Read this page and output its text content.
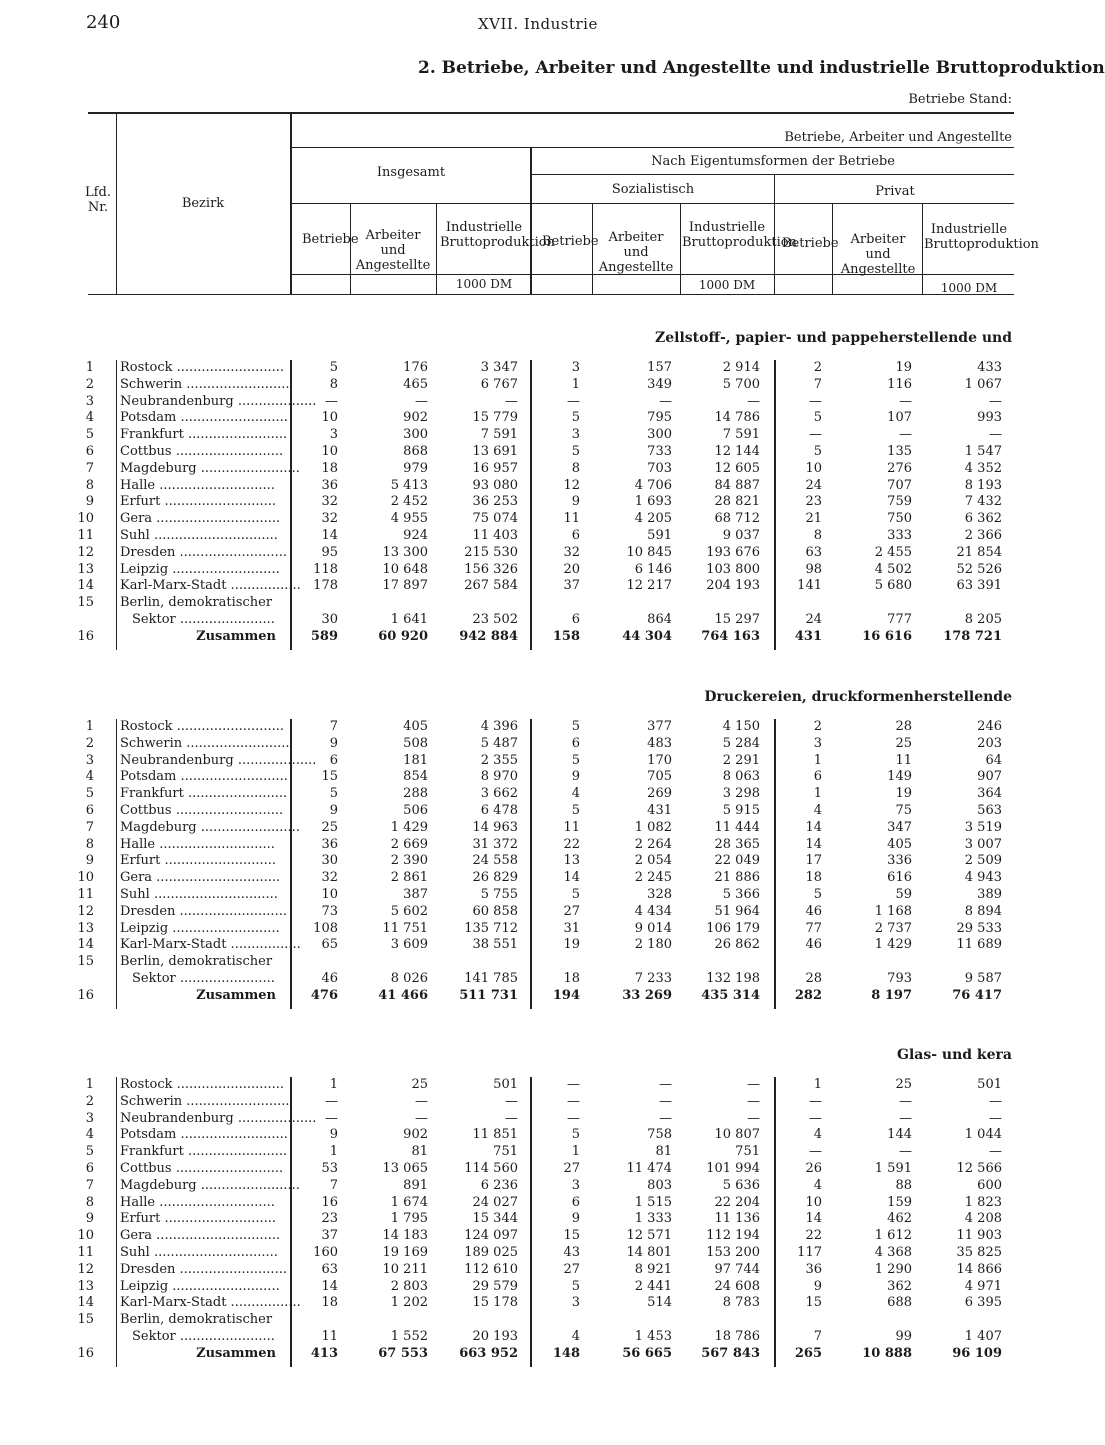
240	XVII. Industrie
2. Betriebe, Arbeiter und Angestellte und industrielle Bruttoproduktion
Betriebe Stand:
Lfd. Nr.	Bezirk
Betriebe, Arbeiter und Angestellte
Insgesamt
Nach Eigentumsformen der Betriebe
Sozialistisch	Privat
Betriebe Arbeiter und Angestellte
Industrielle Bruttoproduktion
1000 DM
Betriebe Arbeiter und Angestellte
Industrielle Bruttoproduktion
1000 DM
Betriebe Arbeiter und Angestellte
Industrielle Bruttoproduktion
1000 DM
Zellstoff-, papier- und pappeherstellende und
1 Rostock ..........................	5	176	3 347	3	157	2 914	2	19	433
2 Schwerin .........................	8	465	6 767	1	349	5 700	7	116	1 067
3 Neubrandenburg ................... —	—	—	—	—	—	—	—	—
4 Potsdam ..........................	10	902	15 779	5	795	14 786	5	107	993
5 Frankfurt ........................	3	300	7 591	3	300	7 591	—	—	—
6 Cottbus ..........................	10	868	13 691	5	733	12 144	5	135	1 547
7 Magdeburg ........................	18	979	16 957	8	703	12 605	10	276	4 352
8 Halle ............................	36	5 413	93 080	12	4 706	84 887	24	707	8 193
9 Erfurt ...........................	32	2 452	36 253	9	1 693	28 821	23	759	7 432
10 Gera ..............................	32	4 955	75 074	11	4 205	68 712	21	750	6 362
11 Suhl ..............................	14	924	11 403	6	591	9 037	8	333	2 366
12 Dresden ..........................	95	13 300	215 530	32	10 845	193 676	63	2 455	21 854
13 Leipzig ..........................	118	10 648	156 326	20	6 146	103 800	98	4 502	52 526
14 Karl-Marx-Stadt ................. 178	17 897	267 584	37	12 217	204 193	141	5 680	63 391
15 Berlin, demokratischer
Sektor .......................	30	1 641	23 502	6	864	15 297	24	777	8 205
16	Zusammen	589	60 920	942 884	158	44 304	764 163	431	16 616	178 721
Druckereien, druckformenherstellende
1 Rostock ..........................	7	405	4 396	5	377	4 150	2	28	246
2 Schwerin .........................	9	508	5 487	6	483	5 284	3	25	203
3 Neubrandenburg ...................	6	181	2 355	5	170	2 291	1	11	64
4 Potsdam ..........................	15	854	8 970	9	705	8 063	6	149	907
5 Frankfurt ........................	5	288	3 662	4	269	3 298	1	19	364
6 Cottbus ..........................	9	506	6 478	5	431	5 915	4	75	563
7 Magdeburg ........................	25	1 429	14 963	11	1 082	11 444	14	347	3 519
8 Halle ............................	36	2 669	31 372	22	2 264	28 365	14	405	3 007
9 Erfurt ...........................	30	2 390	24 558	13	2 054	22 049	17	336	2 509
10 Gera ..............................	32	2 861	26 829	14	2 245	21 886	18	616	4 943
11 Suhl ..............................	10	387	5 755	5	328	5 366	5	59	389
12 Dresden ..........................	73	5 602	60 858	27	4 434	51 964	46	1 168	8 894
13 Leipzig ..........................	108	11 751	135 712	31	9 014	106 179	77	2 737	29 533
14 Karl-Marx-Stadt .................	65	3 609	38 551	19	2 180	26 862	46	1 429	11 689
15 Berlin, demokratischer
Sektor .......................	46	8 026	141 785	18	7 233	132 198	28	793	9 587
16	Zusammen	476	41 466	511 731	194	33 269	435 314	282	8 197	76 417
Glas- und kera
1 Rostock ..........................	1	25	501	—	—	—	1	25	501
2 Schwerin .........................	—	—	—	—	—	—	—	—	—
3 Neubrandenburg ................... —	—	—	—	—	—	—	—	—
4 Potsdam ..........................	9	902	11 851	5	758	10 807	4	144	1 044
5 Frankfurt ........................	1	81	751	1	81	751	—	—	—
6 Cottbus ..........................	53	13 065	114 560	27	11 474	101 994	26	1 591	12 566
7 Magdeburg ........................	7	891	6 236	3	803	5 636	4	88	600
8 Halle ............................	16	1 674	24 027	6	1 515	22 204	10	159	1 823
9 Erfurt ...........................	23	1 795	15 344	9	1 333	11 136	14	462	4 208
10 Gera ..............................	37	14 183	124 097	15	12 571	112 194	22	1 612	11 903
11 Suhl ..............................	160	19 169	189 025	43	14 801	153 200	117	4 368	35 825
12 Dresden ..........................	63	10 211	112 610	27	8 921	97 744	36	1 290	14 866
13 Leipzig ..........................	14	2 803	29 579	5	2 441	24 608	9	362	4 971
14 Karl-Marx-Stadt .................	18	1 202	15 178	3	514	8 783	15	688	6 395
15 Berlin, demokratischer
Sektor .......................	11	1 552	20 193	4	1 453	18 786	7	99	1 407
16	Zusammen	413	67 553	663 952	148	56 665	567 843	265	10 888	96 109
